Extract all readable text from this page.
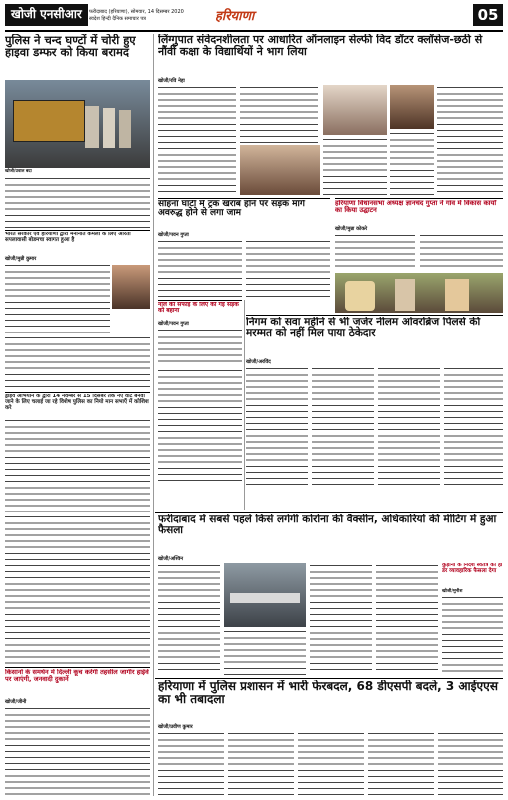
खोजी एनसीआर	फरीदाबाद (हरियाणा), सोमवार, 14 दिसम्बर 2020
स्वदेश हिन्दी दैनिक समाचार पत्र	हरियाणा	05
पुलिस ने चन्द घण्टों में चोरी हुए हाइवा डम्फर को किया बरामद
खोजी/प्रवाल बदा
भारत सरकार एवं हरियाणा द्वारा मनोनीत कमला के लिए आरती सपलावासी बोडमचा स्वागत हुआ है
खोजी/मुन्नी कुमार
ड्राइव अभियान के द्वारा 14 नवम्बर से 15 दिसंबर तक नए वोट बनवा जाने के लिए चलाई जा रहे विशेष पुलिस का नियो मान सभाएँ में कोशिश करे
लिंग्गुपात संवेदनशीलता पर आधारित ऑनलाइन सेल्फी विद डॉटर क्लॉसेज-छठी से नौंवीं कक्षा के विद्यार्थियों ने भाग लिया
खोजी/रवि नेहा
सोहना घाटी में ट्रक खराब होने पर सड़क मार्ग अवरुद्ध होने से लगा जाम
खोजी/पवन गुप्ता
नाले की सफाई के लिए की गई सड़क को बहाना
खोजी/पवन गुप्ता
हरियाणा विधानसभा अध्यक्ष ज्ञानचंद गुप्ता ने गांव में विकास कार्यों का किया उद्घाटन
खोजी/मुन्ना कोकरे
निगम को सवा महीने से भी जर्जर नीलम ओवरब्रिज पिलर्स की मरम्मत को नहीं मिल पाया ठेकेदार
खोजी/अरविंद
फरीदाबाद में सबसे पहले किसे लगेगी कोरोना की वैक्सीन, अधिकारियों की मीटिंग में हुआ फैसला
खोजी/अश्विन
कुंड़ाना के निर्देश स्वतंत्र का हो डर व्यावहारिक फैसला देगा
खोजी/मुनीश
किसानों के समर्थन में दिल्ली कूच करेंगी तहसील जागीर हाईवे पर जाएंगी, जनवादी दुकानें
खोजी/जीनी
हरियाणा में पुलिस प्रशासन में भारी फेरबदल, 68 डीएसपी बदले, 3 आईएएस का भी तबादला
खोजी/प्रवीण कुमार
